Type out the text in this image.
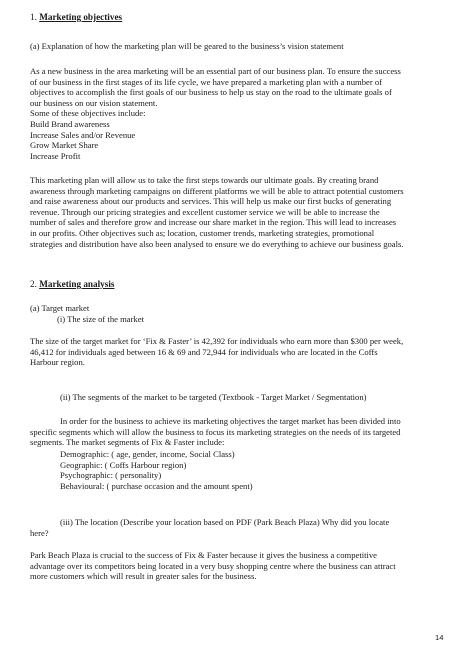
1. Marketing objectives
(a) Explanation of how the marketing plan will be geared to the business’s vision statement
As a new business in the area marketing will be an essential part of our business plan. To ensure the success
of our business in the first stages of its life cycle, we have prepared a marketing plan with a number of
objectives to accomplish the first goals of our business to help us stay on the road to the ultimate goals of
our business on our vision statement.
Some of these objectives include:
Build Brand awareness
Increase Sales and/or Revenue
Grow Market Share
Increase Profit
This marketing plan will allow us to take the first steps towards our ultimate goals. By creating brand
awareness through marketing campaigns on different platforms we will be able to attract potential customers
and raise awareness about our products and services. This will help us make our first bucks of generating
revenue. Through our pricing strategies and excellent customer service we will be able to increase the
number of sales and therefore grow and increase our share market in the region. This will lead to increases
in our profits. Other objectives such as; location, customer trends, marketing strategies, promotional
strategies and distribution have also been analysed to ensure we do everything to achieve our business goals.
2. Marketing analysis
(a) Target market
(i) The size of the market
The size of the target market for ‘Fix & Faster’ is 42,392 for individuals who earn more than $300 per week,
46,412 for individuals aged between 16 & 69 and 72,944 for individuals who are located in the Coffs
Harbour region.
(ii) The segments of the market to be targeted (Textbook - Target Market / Segmentation)
In order for the business to achieve its marketing objectives the target market has been divided into
specific segments which will allow the business to focus its marketing strategies on the needs of its targeted
segments. The market segments of Fix & Faster include:
Demographic: ( age, gender, income, Social Class)
Geographic: ( Coffs Harbour region)
Psychographic: ( personality)
Behavioural: ( purchase occasion and the amount spent)
(iii) The location (Describe your location based on PDF (Park Beach Plaza) Why did you locate
here?
Park Beach Plaza is crucial to the success of Fix & Faster because it gives the business a competitive
advantage over its competitors being located in a very busy shopping centre where the business can attract
more customers which will result in greater sales for the business.
14
